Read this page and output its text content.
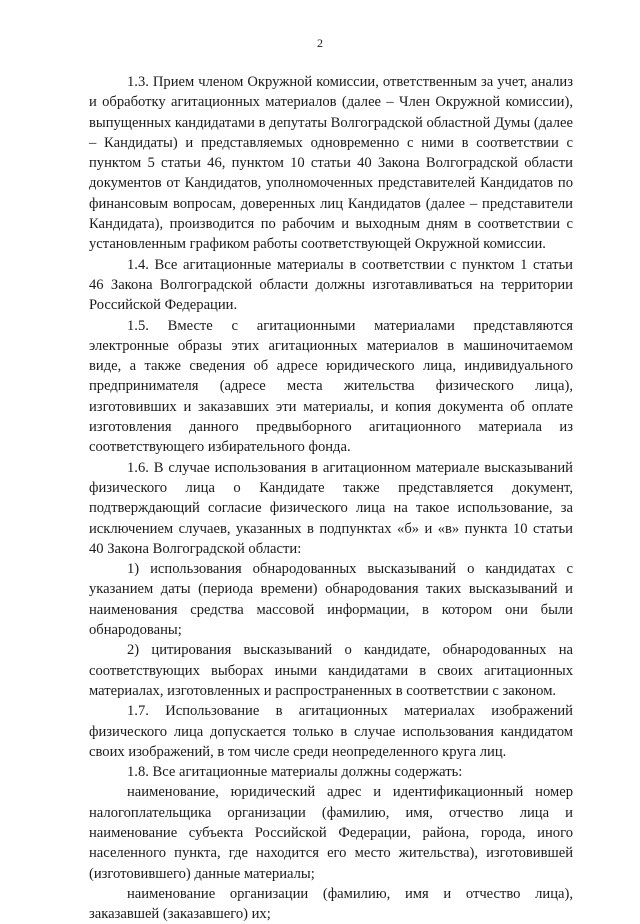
2

1.3. Прием членом Окружной комиссии, ответственным за учет, анализ и обработку агитационных материалов (далее – Член Окружной комиссии), выпущенных кандидатами в депутаты Волгоградской областной Думы (далее – Кандидаты) и представляемых одновременно с ними в соответствии с пунктом 5 статьи 46, пунктом 10 статьи 40 Закона Волгоградской области документов от Кандидатов, уполномоченных представителей Кандидатов по финансовым вопросам, доверенных лиц Кандидатов (далее – представители Кандидата), производится по рабочим и выходным дням в соответствии с установленным графиком работы соответствующей Окружной комиссии.

1.4. Все агитационные материалы в соответствии с пунктом 1 статьи 46 Закона Волгоградской области должны изготавливаться на территории Российской Федерации.

1.5. Вместе с агитационными материалами представляются электронные образы этих агитационных материалов в машиночитаемом виде, а также сведения об адресе юридического лица, индивидуального предпринимателя (адресе места жительства физического лица), изготовивших и заказавших эти материалы, и копия документа об оплате изготовления данного предвыборного агитационного материала из соответствующего избирательного фонда.

1.6. В случае использования в агитационном материале высказываний физического лица о Кандидате также представляется документ, подтверждающий согласие физического лица на такое использование, за исключением случаев, указанных в подпунктах «б» и «в» пункта 10 статьи 40 Закона Волгоградской области:

1) использования обнародованных высказываний о кандидатах с указанием даты (периода времени) обнародования таких высказываний и наименования средства массовой информации, в котором они были обнародованы;

2) цитирования высказываний о кандидате, обнародованных на соответствующих выборах иными кандидатами в своих агитационных материалах, изготовленных и распространенных в соответствии с законом.

1.7. Использование в агитационных материалах изображений физического лица допускается только в случае использования кандидатом своих изображений, в том числе среди неопределенного круга лиц.

1.8. Все агитационные материалы должны содержать:

наименование, юридический адрес и идентификационный номер налогоплательщика организации (фамилию, имя, отчество лица и наименование субъекта Российской Федерации, района, города, иного населенного пункта, где находится его место жительства), изготовившей (изготовившего) данные материалы;

наименование организации (фамилию, имя и отчество лица), заказавшей (заказавшего) их;
